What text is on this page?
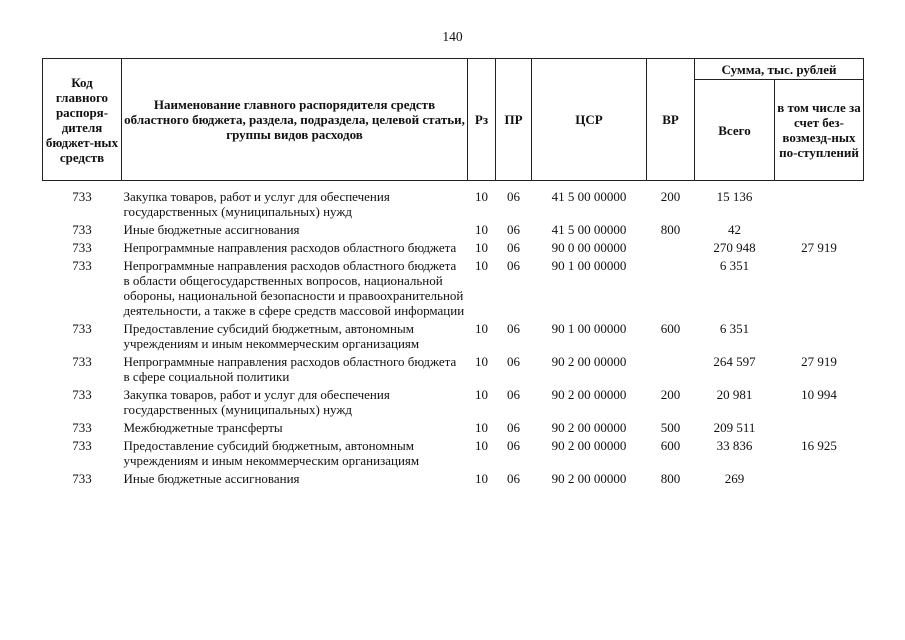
140
Код главного распоря-дителя бюджет-ных средств	Наименование главного распорядителя средств областного бюджета, раздела, подраздела, целевой статьи, группы видов расходов	Рз	ПР	ЦСР	ВР	Сумма, тыс. рублей	
						Всего	в том числе за счет без-возмезд-ных по-ступлений

733	Закупка товаров, работ и услуг для обеспечения государственных (муниципальных) нужд	10	06	41 5 00 00000	200	15 136	
733	Иные бюджетные ассигнования	10	06	41 5 00 00000	800	42	
733	Непрограммные направления расходов областного бюджета	10	06	90 0 00 00000		270 948	27 919
733	Непрограммные направления расходов областного бюджета в области общегосударственных вопросов, национальной обороны, национальной безопасности и правоохранительной деятельности, а также в сфере средств массовой информации	10	06	90 1 00 00000		6 351	
733	Предоставление субсидий бюджетным, автономным учреждениям и иным некоммерческим организациям	10	06	90 1 00 00000	600	6 351	
733	Непрограммные направления расходов областного бюджета в сфере социальной политики	10	06	90 2 00 00000		264 597	27 919
733	Закупка товаров, работ и услуг для обеспечения государственных (муниципальных) нужд	10	06	90 2 00 00000	200	20 981	10 994
733	Межбюджетные трансферты	10	06	90 2 00 00000	500	209 511	
733	Предоставление субсидий бюджетным, автономным учреждениям и иным некоммерческим организациям	10	06	90 2 00 00000	600	33 836	16 925
733	Иные бюджетные ассигнования	10	06	90 2 00 00000	800	269	
